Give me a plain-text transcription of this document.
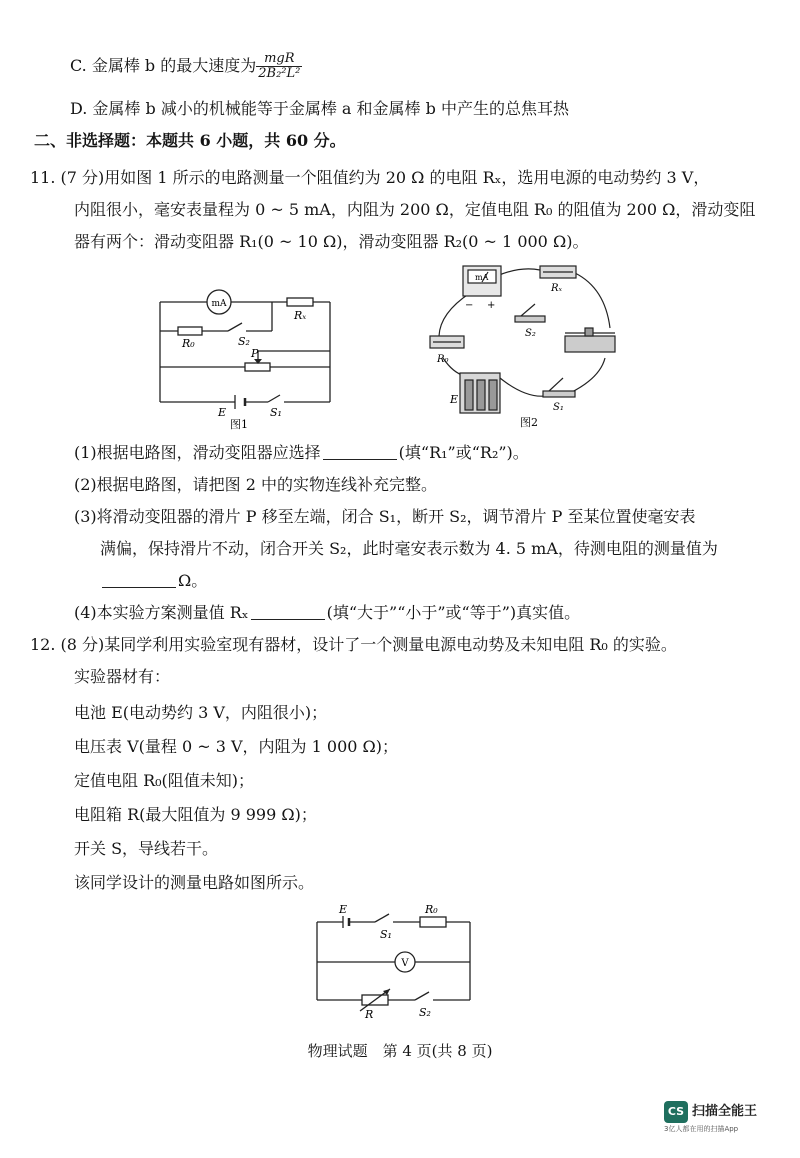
C. 金属棒 b 的最大速度为 $\frac{\text{mgR}}{\text{2B₂²L²}}$
D. 金属棒 b 减小的机械能等于金属棒 a 和金属棒 b 中产生的总焦耳热
二、非选择题：本题共 6 小题，共 60 分。
11. (7 分)用如图 1 所示的电路测量一个阻值约为 20 Ω 的电阻 Rₓ，选用电源的电动势约 3 V，
内阻很小，毫安表量程为 0 ~ 5 mA，内阻为 200 Ω，定值电阻 R₀ 的阻值为 200 Ω，滑动变阻
器有两个：滑动变阻器 R₁(0 ~ 10 Ω)，滑动变阻器 R₂(0 ~ 1 000 Ω)。
mA
Rₓ
R₀	S₂
P
E	S₁
图1
mA
− +
Rₓ
S₂
R₀
E
S₁
图2
(1)根据电路图，滑动变阻器应选择	(填“R₁”或“R₂”)。
(2)根据电路图，请把图 2 中的实物连线补充完整。
(3)将滑动变阻器的滑片 P 移至左端，闭合 S₁，断开 S₂，调节滑片 P 至某位置使毫安表
满偏，保持滑片不动，闭合开关 S₂，此时毫安表示数为 4. 5 mA，待测电阻的测量值为
Ω。
(4)本实验方案测量值 Rₓ	(填“大于”“小于”或“等于”)真实值。
12. (8 分)某同学利用实验室现有器材，设计了一个测量电源电动势及未知电阻 R₀ 的实验。
实验器材有：
电池 E(电动势约 3 V，内阻很小)；
电压表 V(量程 0 ~ 3 V，内阻为 1 000 Ω)；
定值电阻 R₀(阻值未知)；
电阻箱 R(最大阻值为 9 999 Ω)；
开关 S，导线若干。
该同学设计的测量电路如图所示。
E
S₁
R₀
V
R	S₂
物理试题　第 4 页(共 8 页)
CS 扫描全能王
3亿人都在用的扫描App
